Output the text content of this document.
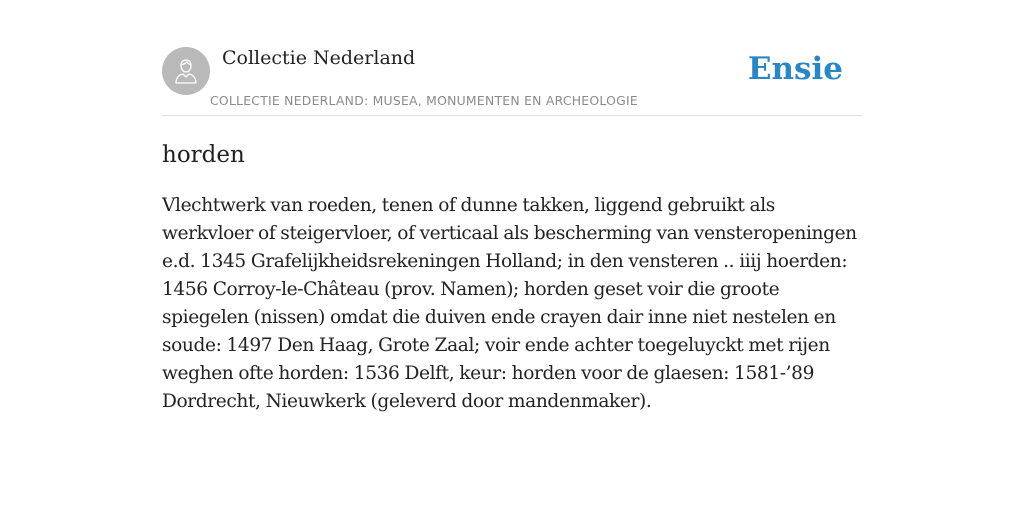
Collectie Nederland
COLLECTIE NEDERLAND: MUSEA, MONUMENTEN EN ARCHEOLOGIE
Ensie
horden

Vlechtwerk van roeden, tenen of dunne takken, liggend gebruikt als werkvloer of steigervloer, of verticaal als bescherming van vensteropeningen e.d. 1345 Grafelijkheidsrekeningen Holland; in den vensteren .. iiij hoerden: 1456 Corroy-le-Château (prov. Namen); horden geset voir die groote spiegelen (nissen) omdat die duiven ende crayen dair inne niet nestelen en soude: 1497 Den Haag, Grote Zaal; voir ende achter toegeluyckt met rijen weghen ofte horden: 1536 Delft, keur: horden voor de glaesen: 1581-’89 Dordrecht, Nieuwkerk (geleverd door mandenmaker).
